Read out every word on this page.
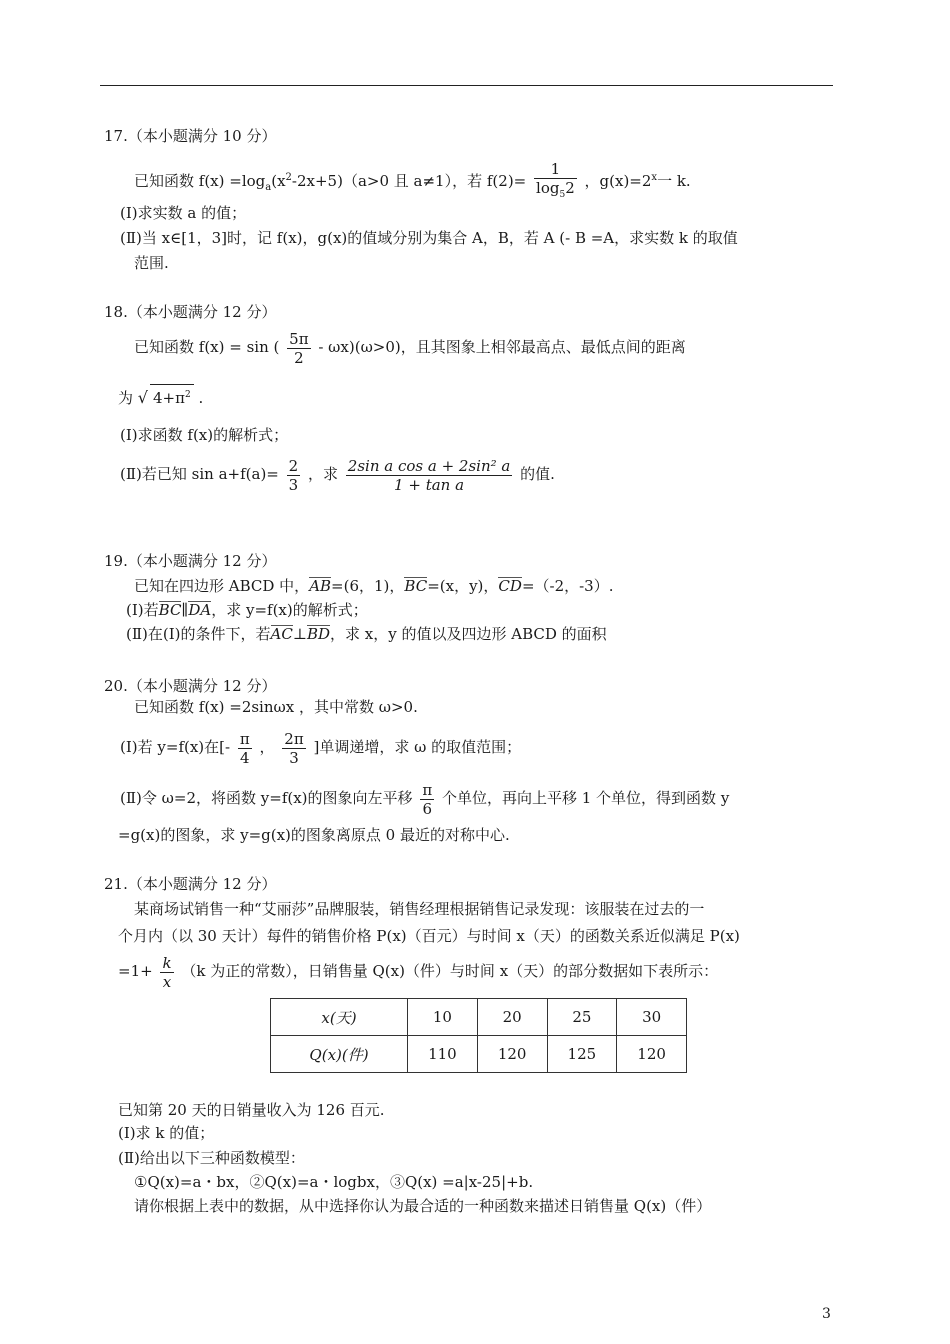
17.（本小题满分 10 分）
已知函数 $f(x) =\log_a(x^2-2x+5)(a>0$ 且 a≠1），若 $f(2)= \frac{1}{\log_52}$ ，$g(x)=2^x$一 k.
(Ⅰ)求实数 a 的值；
(Ⅱ)当 x∈[1，3]时，记 f(x)，g(x)的值域分别为集合 A，B，若 A (- B =A，求实数 k 的取值
范围.
18.（本小题满分 12 分）
已知函数 f(x) = sin ( $\frac{5\pi}{2} - \omega x)(\omega>0)$，且其图象上相邻最高点、最低点间的距离
为 √ $4+\pi^2$ .
(Ⅰ)求函数 f(x)的解析式；
(Ⅱ)若已知 $\sin a+f(a)= \frac{2}{3}$ ，求 $\frac{\text{2sin a cos a + 2sin² a}}{\text{1 + tan a}}$ 的值.
19.（本小题满分 12 分）
已知在四边形 ABCD 中，AB=(6，1)，BC=(x，y)，CD=（-2，-3）.
(Ⅰ)若BC∥DA，求 y=f(x)的解析式；
(Ⅱ)在(Ⅰ)的条件下，若AC⊥BD，求 x，y 的值以及四边形 ABCD 的面积
20.（本小题满分 12 分）
已知函数 f(x) =2sinωx ，其中常数 ω>0.
(Ⅰ)若 y=f(x)在[- $\frac{\pi}{4}$ ， $\frac{2\pi}{3}$ ]单调递增，求 ω 的取值范围；
(Ⅱ)令 ω=2，将函数 y=f(x)的图象向左平移 $\frac{\pi}{6}$ 个单位，再向上平移 1 个单位，得到函数 y
=g(x)的图象，求 y=g(x)的图象离原点 0 最近的对称中心.
21.（本小题满分 12 分）
某商场试销售一种“艾丽莎”品牌服装，销售经理根据销售记录发现：该服装在过去的一
个月内（以 30 天计）每件的销售价格 P(x)（百元）与时间 x（天）的函数关系近似满足 P(x)
$=1+ \frac{k}{x} (k$ 为正的常数），日销售量 Q(x)（件）与时间 x（天）的部分数据如下表所示：
x(天)	10	20	25	30
Q(x)(件)	110	120	125	120
已知第 20 天的日销量收入为 126 百元.
(Ⅰ)求 k 的值；
(Ⅱ)给出以下三种函数模型：
①Q(x)=a・bx，②Q(x)=a・logbx，③Q(x) =a|x-25|+b.
请你根据上表中的数据，从中选择你认为最合适的一种函数来描述日销售量 Q(x)（件）
3
